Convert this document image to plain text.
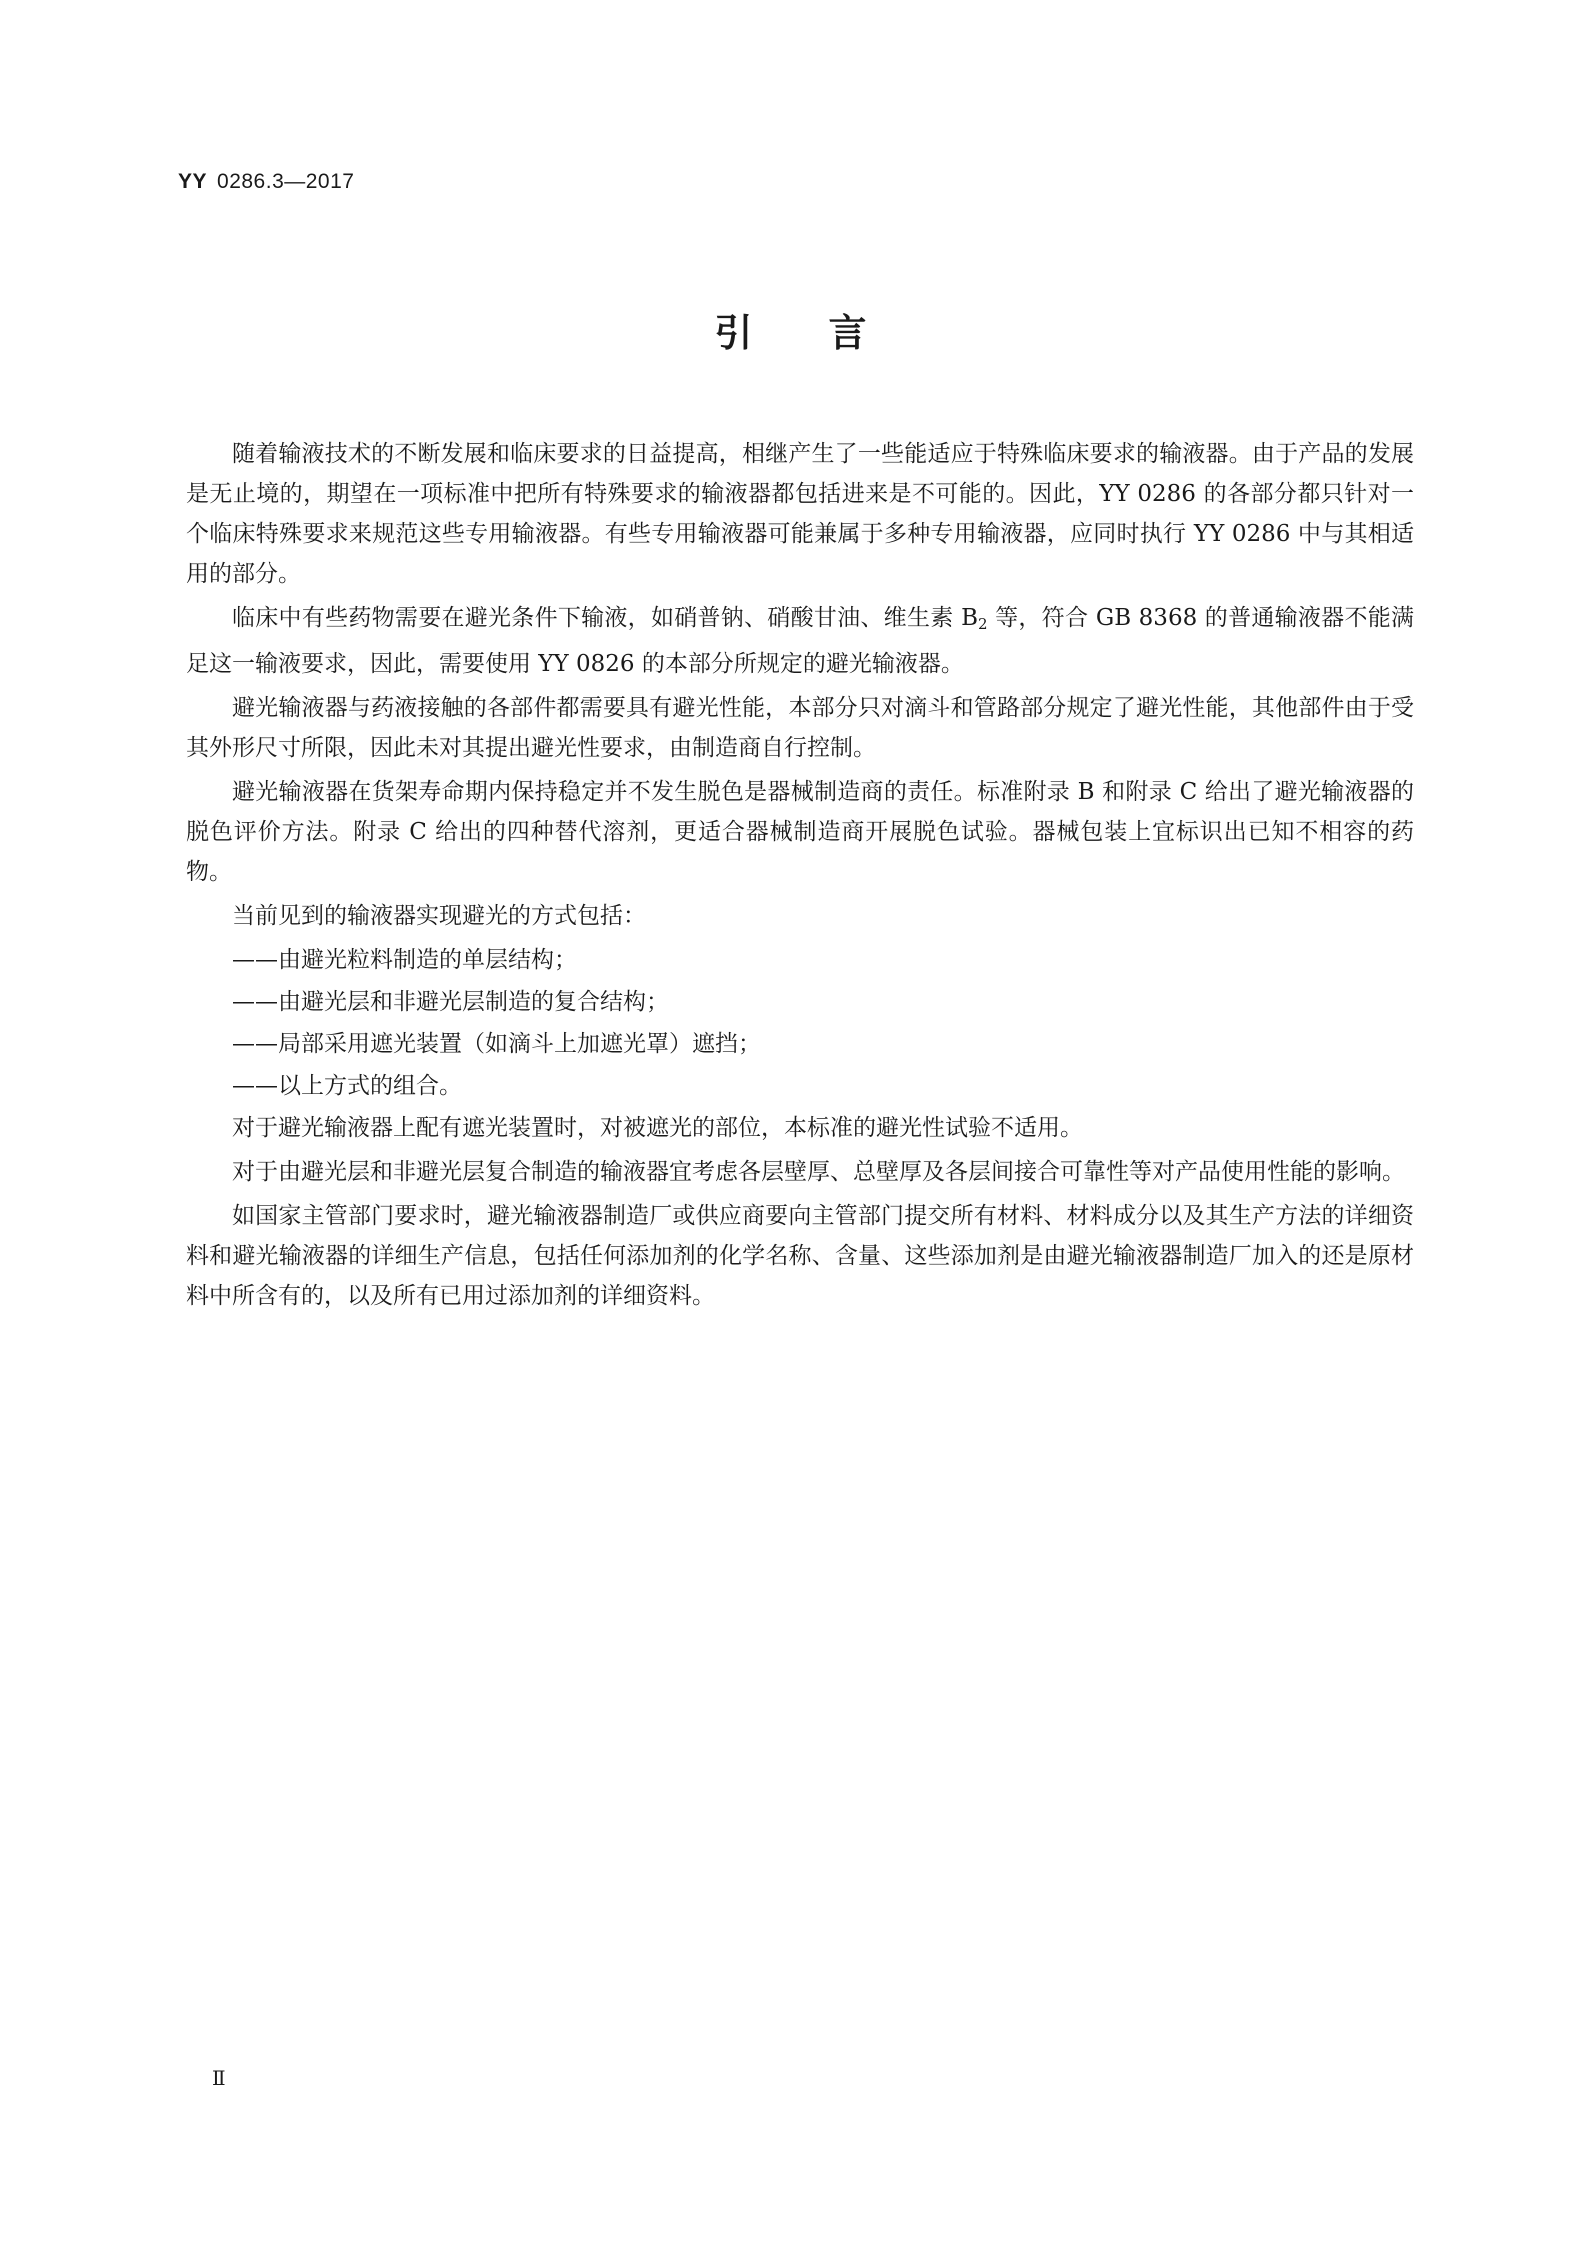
YY 0286.3—2017
引 言

随着输液技术的不断发展和临床要求的日益提高，相继产生了一些能适应于特殊临床要求的输液器。由于产品的发展是无止境的，期望在一项标准中把所有特殊要求的输液器都包括进来是不可能的。因此，YY 0286 的各部分都只针对一个临床特殊要求来规范这些专用输液器。有些专用输液器可能兼属于多种专用输液器，应同时执行 YY 0286 中与其相适用的部分。

临床中有些药物需要在避光条件下输液，如硝普钠、硝酸甘油、维生素 $B_2$ 等，符合 GB 8368 的普通输液器不能满足这一输液要求，因此，需要使用 YY 0826 的本部分所规定的避光输液器。

避光输液器与药液接触的各部件都需要具有避光性能，本部分只对滴斗和管路部分规定了避光性能，其他部件由于受其外形尺寸所限，因此未对其提出避光性要求，由制造商自行控制。

避光输液器在货架寿命期内保持稳定并不发生脱色是器械制造商的责任。标准附录 B 和附录 C 给出了避光输液器的脱色评价方法。附录 C 给出的四种替代溶剂，更适合器械制造商开展脱色试验。器械包装上宜标识出已知不相容的药物。

当前见到的输液器实现避光的方式包括：

——由避光粒料制造的单层结构；
——由避光层和非避光层制造的复合结构；
——局部采用遮光装置（如滴斗上加遮光罩）遮挡；
——以上方式的组合。

对于避光输液器上配有遮光装置时，对被遮光的部位，本标准的避光性试验不适用。

对于由避光层和非避光层复合制造的输液器宜考虑各层壁厚、总壁厚及各层间接合可靠性等对产品使用性能的影响。

如国家主管部门要求时，避光输液器制造厂或供应商要向主管部门提交所有材料、材料成分以及其生产方法的详细资料和避光输液器的详细生产信息，包括任何添加剂的化学名称、含量、这些添加剂是由避光输液器制造厂加入的还是原材料中所含有的，以及所有已用过添加剂的详细资料。

Ⅱ
